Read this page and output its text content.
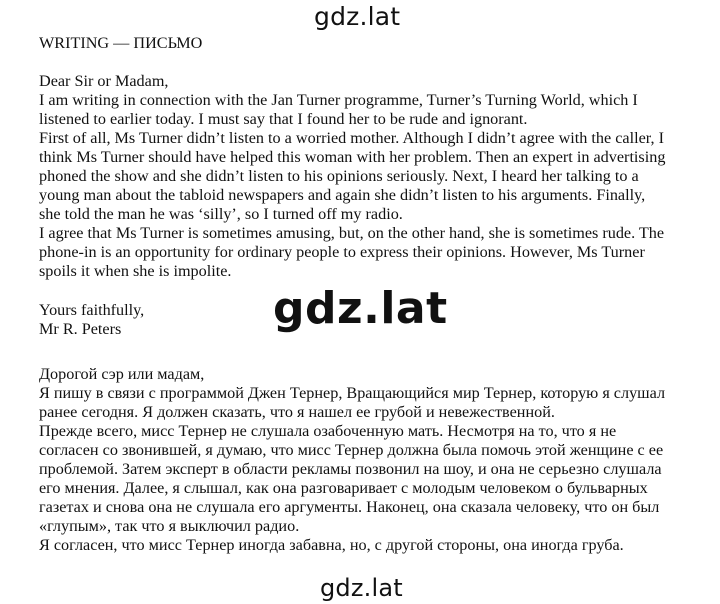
gdz.lat
WRITING — ПИСЬМО
Dear Sir or Madam,
I am writing in connection with the Jan Turner programme, Turner’s Turning World, which I
listened to earlier today. I must say that I found her to be rude and ignorant.
First of all, Ms Turner didn’t listen to a worried mother. Although I didn’t agree with the caller, I
think Ms Turner should have helped this woman with her problem. Then an expert in advertising
phoned the show and she didn’t listen to his opinions seriously. Next, I heard her talking to a
young man about the tabloid newspapers and again she didn’t listen to his arguments. Finally,
she told the man he was ‘silly’, so I turned off my radio.
I agree that Ms Turner is sometimes amusing, but, on the other hand, she is sometimes rude. The
phone-in is an opportunity for ordinary people to express their opinions. However, Ms Turner
spoils it when she is impolite.
Yours faithfully,
Mr R. Peters	gdz.lat
Дорогой сэр или мадам,
Я пишу в связи с программой Джен Тернер, Вращающийся мир Тернер, которую я слушал
ранее сегодня. Я должен сказать, что я нашел ее грубой и невежественной.
Прежде всего, мисс Тернер не слушала озабоченную мать. Несмотря на то, что я не
согласен со звонившей, я думаю, что мисс Тернер должна была помочь этой женщине с ее
проблемой. Затем эксперт в области рекламы позвонил на шоу, и она не серьезно слушала
его мнения. Далее, я слышал, как она разговаривает с молодым человеком о бульварных
газетах и снова она не слушала его аргументы. Наконец, она сказала человеку, что он был
«глупым», так что я выключил радио.
Я согласен, что мисс Тернер иногда забавна, но, с другой стороны, она иногда груба.
gdz.lat
